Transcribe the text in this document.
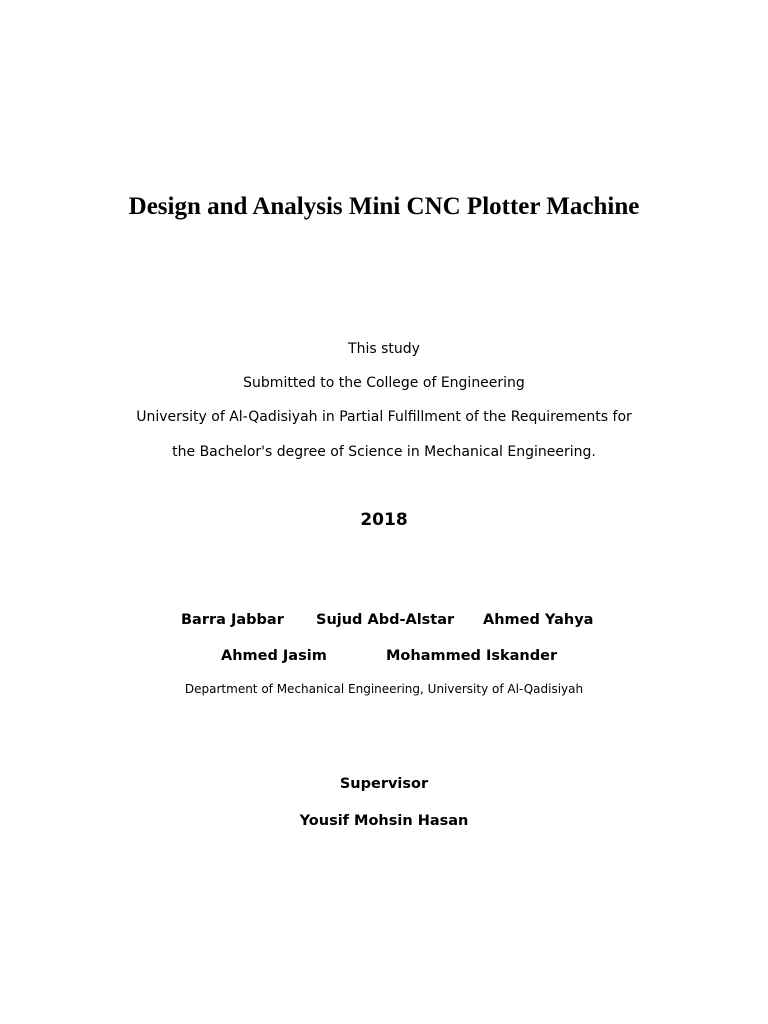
Design and Analysis Mini CNC Plotter Machine
This study
Submitted to the College of Engineering
University of Al-Qadisiyah in Partial Fulfillment of the Requirements for
the Bachelor's degree of Science in Mechanical Engineering.
2018
Barra Jabbar Sujud Abd-Alstar Ahmed Yahya
Ahmed Jasim	Mohammed Iskander
Department of Mechanical Engineering, University of Al-Qadisiyah
Supervisor
Yousif Mohsin Hasan
